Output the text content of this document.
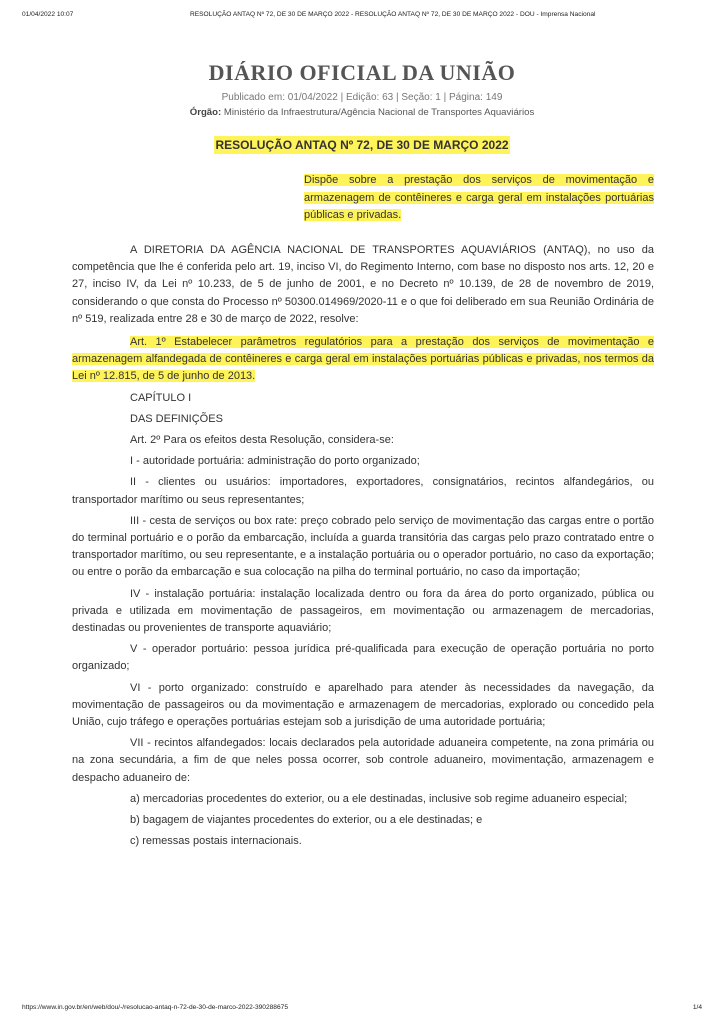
01/04/2022 10:07	RESOLUÇÃO ANTAQ Nº 72, DE 30 DE MARÇO 2022 - RESOLUÇÃO ANTAQ Nº 72, DE 30 DE MARÇO 2022 - DOU - Imprensa Nacional
DIÁRIO OFICIAL DA UNIÃO
Publicado em: 01/04/2022 | Edição: 63 | Seção: 1 | Página: 149
Órgão: Ministério da Infraestrutura/Agência Nacional de Transportes Aquaviários
RESOLUÇÃO ANTAQ Nº 72, DE 30 DE MARÇO 2022
Dispõe sobre a prestação dos serviços de movimentação e armazenagem de contêineres e carga geral em instalações portuárias públicas e privadas.

A DIRETORIA DA AGÊNCIA NACIONAL DE TRANSPORTES AQUAVIÁRIOS (ANTAQ), no uso da competência que lhe é conferida pelo art. 19, inciso VI, do Regimento Interno, com base no disposto nos arts. 12, 20 e 27, inciso IV, da Lei nº 10.233, de 5 de junho de 2001, e no Decreto nº 10.139, de 28 de novembro de 2019, considerando o que consta do Processo nº 50300.014969/2020-11 e o que foi deliberado em sua Reunião Ordinária de nº 519, realizada entre 28 e 30 de março de 2022, resolve:

Art. 1º Estabelecer parâmetros regulatórios para a prestação dos serviços de movimentação e armazenagem alfandegada de contêineres e carga geral em instalações portuárias públicas e privadas, nos termos da Lei nº 12.815, de 5 de junho de 2013.

CAPÍTULO I

DAS DEFINIÇÕES

Art. 2º Para os efeitos desta Resolução, considera-se:

I - autoridade portuária: administração do porto organizado;

II - clientes ou usuários: importadores, exportadores, consignatários, recintos alfandegários, ou transportador marítimo ou seus representantes;

III - cesta de serviços ou box rate: preço cobrado pelo serviço de movimentação das cargas entre o portão do terminal portuário e o porão da embarcação, incluída a guarda transitória das cargas pelo prazo contratado entre o transportador marítimo, ou seu representante, e a instalação portuária ou o operador portuário, no caso da exportação; ou entre o porão da embarcação e sua colocação na pilha do terminal portuário, no caso da importação;

IV - instalação portuária: instalação localizada dentro ou fora da área do porto organizado, pública ou privada e utilizada em movimentação de passageiros, em movimentação ou armazenagem de mercadorias, destinadas ou provenientes de transporte aquaviário;

V - operador portuário: pessoa jurídica pré-qualificada para execução de operação portuária no porto organizado;

VI - porto organizado: construído e aparelhado para atender às necessidades da navegação, da movimentação de passageiros ou da movimentação e armazenagem de mercadorias, explorado ou concedido pela União, cujo tráfego e operações portuárias estejam sob a jurisdição de uma autoridade portuária;

VII - recintos alfandegados: locais declarados pela autoridade aduaneira competente, na zona primária ou na zona secundária, a fim de que neles possa ocorrer, sob controle aduaneiro, movimentação, armazenagem e despacho aduaneiro de:

a) mercadorias procedentes do exterior, ou a ele destinadas, inclusive sob regime aduaneiro especial;

b) bagagem de viajantes procedentes do exterior, ou a ele destinadas; e

c) remessas postais internacionais.

https://www.in.gov.br/en/web/dou/-/resolucao-antaq-n-72-de-30-de-marco-2022-390288675	1/4
